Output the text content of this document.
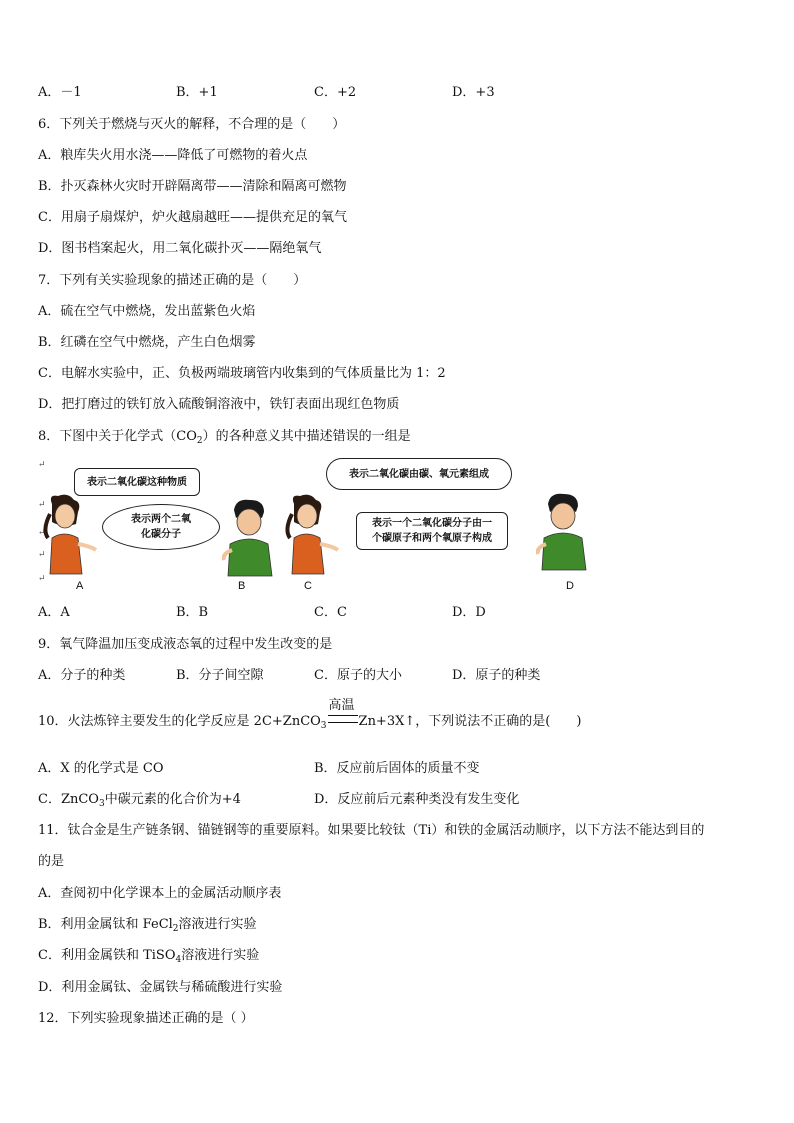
A．－1	B．+1	C．+2	D．+3
6．下列关于燃烧与灭火的解释，不合理的是（　　）
A．粮库失火用水浇——降低了可燃物的着火点
B．扑灭森林火灾时开辟隔离带——清除和隔离可燃物
C．用扇子扇煤炉，炉火越扇越旺——提供充足的氧气
D．图书档案起火，用二氧化碳扑灭——隔绝氧气
7．下列有关实验现象的描述正确的是（　　）
A．硫在空气中燃烧，发出蓝紫色火焰
B．红磷在空气中燃烧，产生白色烟雾
C．电解水实验中，正、负极两端玻璃管内收集到的气体质量比为 1：2
D．把打磨过的铁钉放入硫酸铜溶液中，铁钉表面出现红色物质
8．下图中关于化学式$(CO_2)$的各种意义其中描述错误的一组是
↵
↵
↵
↵
↵
表示二氧化碳这种物质
表示两个二氧
化碳分子
表示二氧化碳由碳、氧元素组成
表示一个二氧化碳分子由一
个碳原子和两个氧原子构成
A	B	C	D
A．A	B．B	C．C	D．D
9．氧气降温加压变成液态氧的过程中发生改变的是
A．分子的种类	B．分子间空隙	C．原子的大小	D．原子的种类
10．火法炼锌主要发生的化学反应是 2C+ZnCO$_3$
高温
Zn+3X↑，下列说法不正确的是(　　)
A．X 的化学式是 CO	B．反应前后固体的质量不变
C．ZnCO$_3$中碳元素的化合价为+4	D．反应前后元素种类没有发生变化
11．钛合金是生产链条钢、锚链钢等的重要原料。如果要比较钛（Ti）和铁的金属活动顺序，以下方法不能达到目的
的是
A．查阅初中化学课本上的金属活动顺序表
B．利用金属钛和 FeCl$_2$溶液进行实验
C．利用金属铁和 TiSO$_4$溶液进行实验
D．利用金属钛、金属铁与稀硫酸进行实验
12．下列实验现象描述正确的是（ ）
